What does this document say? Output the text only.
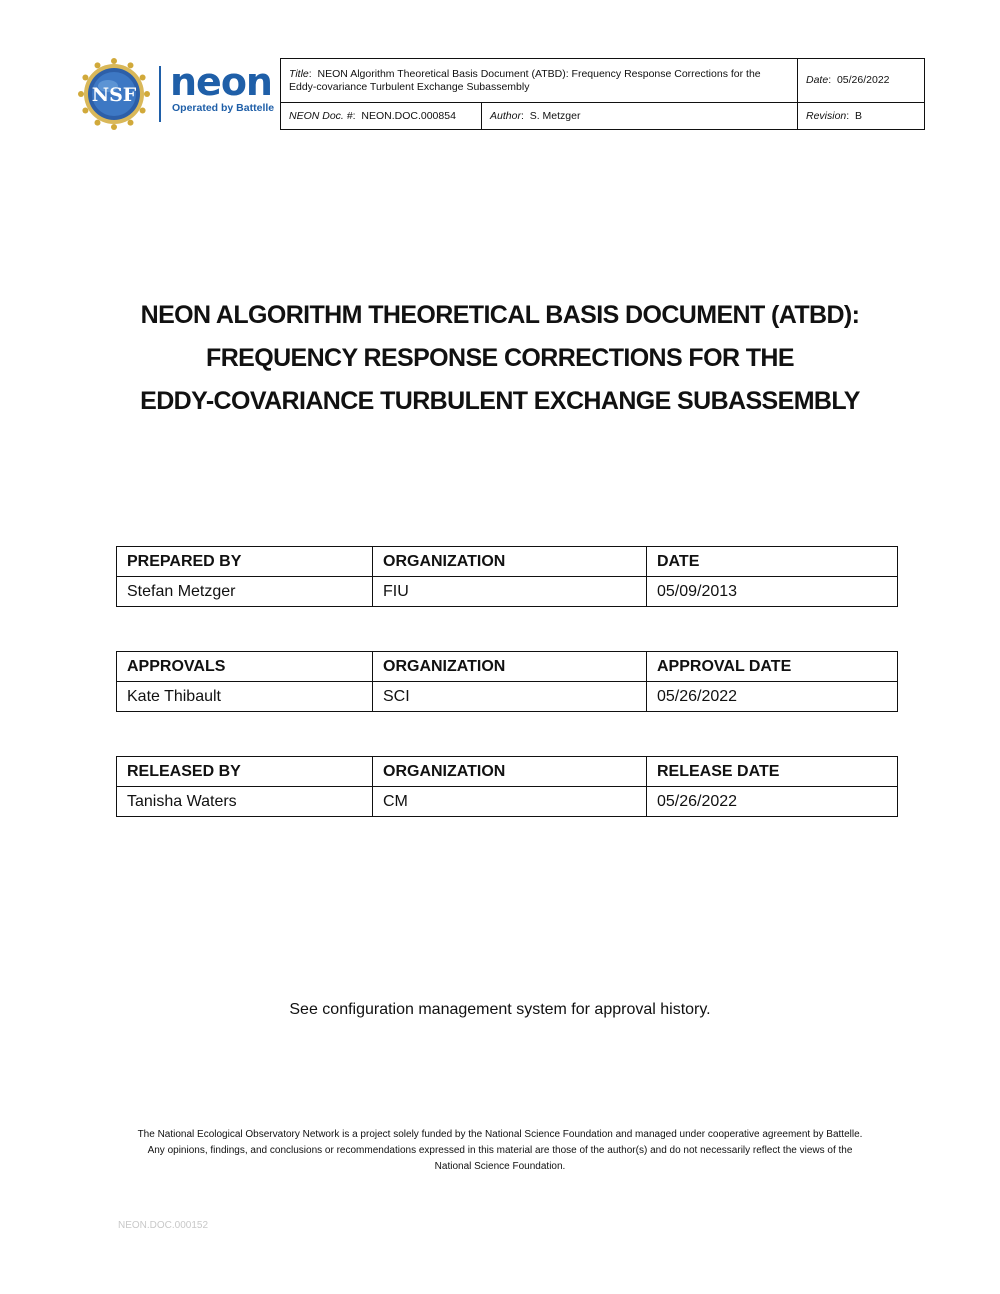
NSF neon
Operated by Battelle
Title:  NEON Algorithm Theoretical Basis Document (ATBD): Frequency Response Corrections for the Eddy-covariance Turbulent Exchange Subassembly		Date:  05/26/2022
NEON Doc. #:  NEON.DOC.000854	Author:  S. Metzger	Revision:  B
NEON ALGORITHM THEORETICAL BASIS DOCUMENT (ATBD):
FREQUENCY RESPONSE CORRECTIONS FOR THE
EDDY-COVARIANCE TURBULENT EXCHANGE SUBASSEMBLY
PREPARED BY	ORGANIZATION	DATE
Stefan Metzger	FIU	05/09/2013
APPROVALS	ORGANIZATION	APPROVAL DATE
Kate Thibault	SCI	05/26/2022
RELEASED BY	ORGANIZATION	RELEASE DATE
Tanisha Waters	CM	05/26/2022
See configuration management system for approval history.
The National Ecological Observatory Network is a project solely funded by the National Science Foundation and managed under cooperative agreement by Battelle.
Any opinions, findings, and conclusions or recommendations expressed in this material are those of the author(s) and do not necessarily reflect the views of the
National Science Foundation.
NEON.DOC.000152
